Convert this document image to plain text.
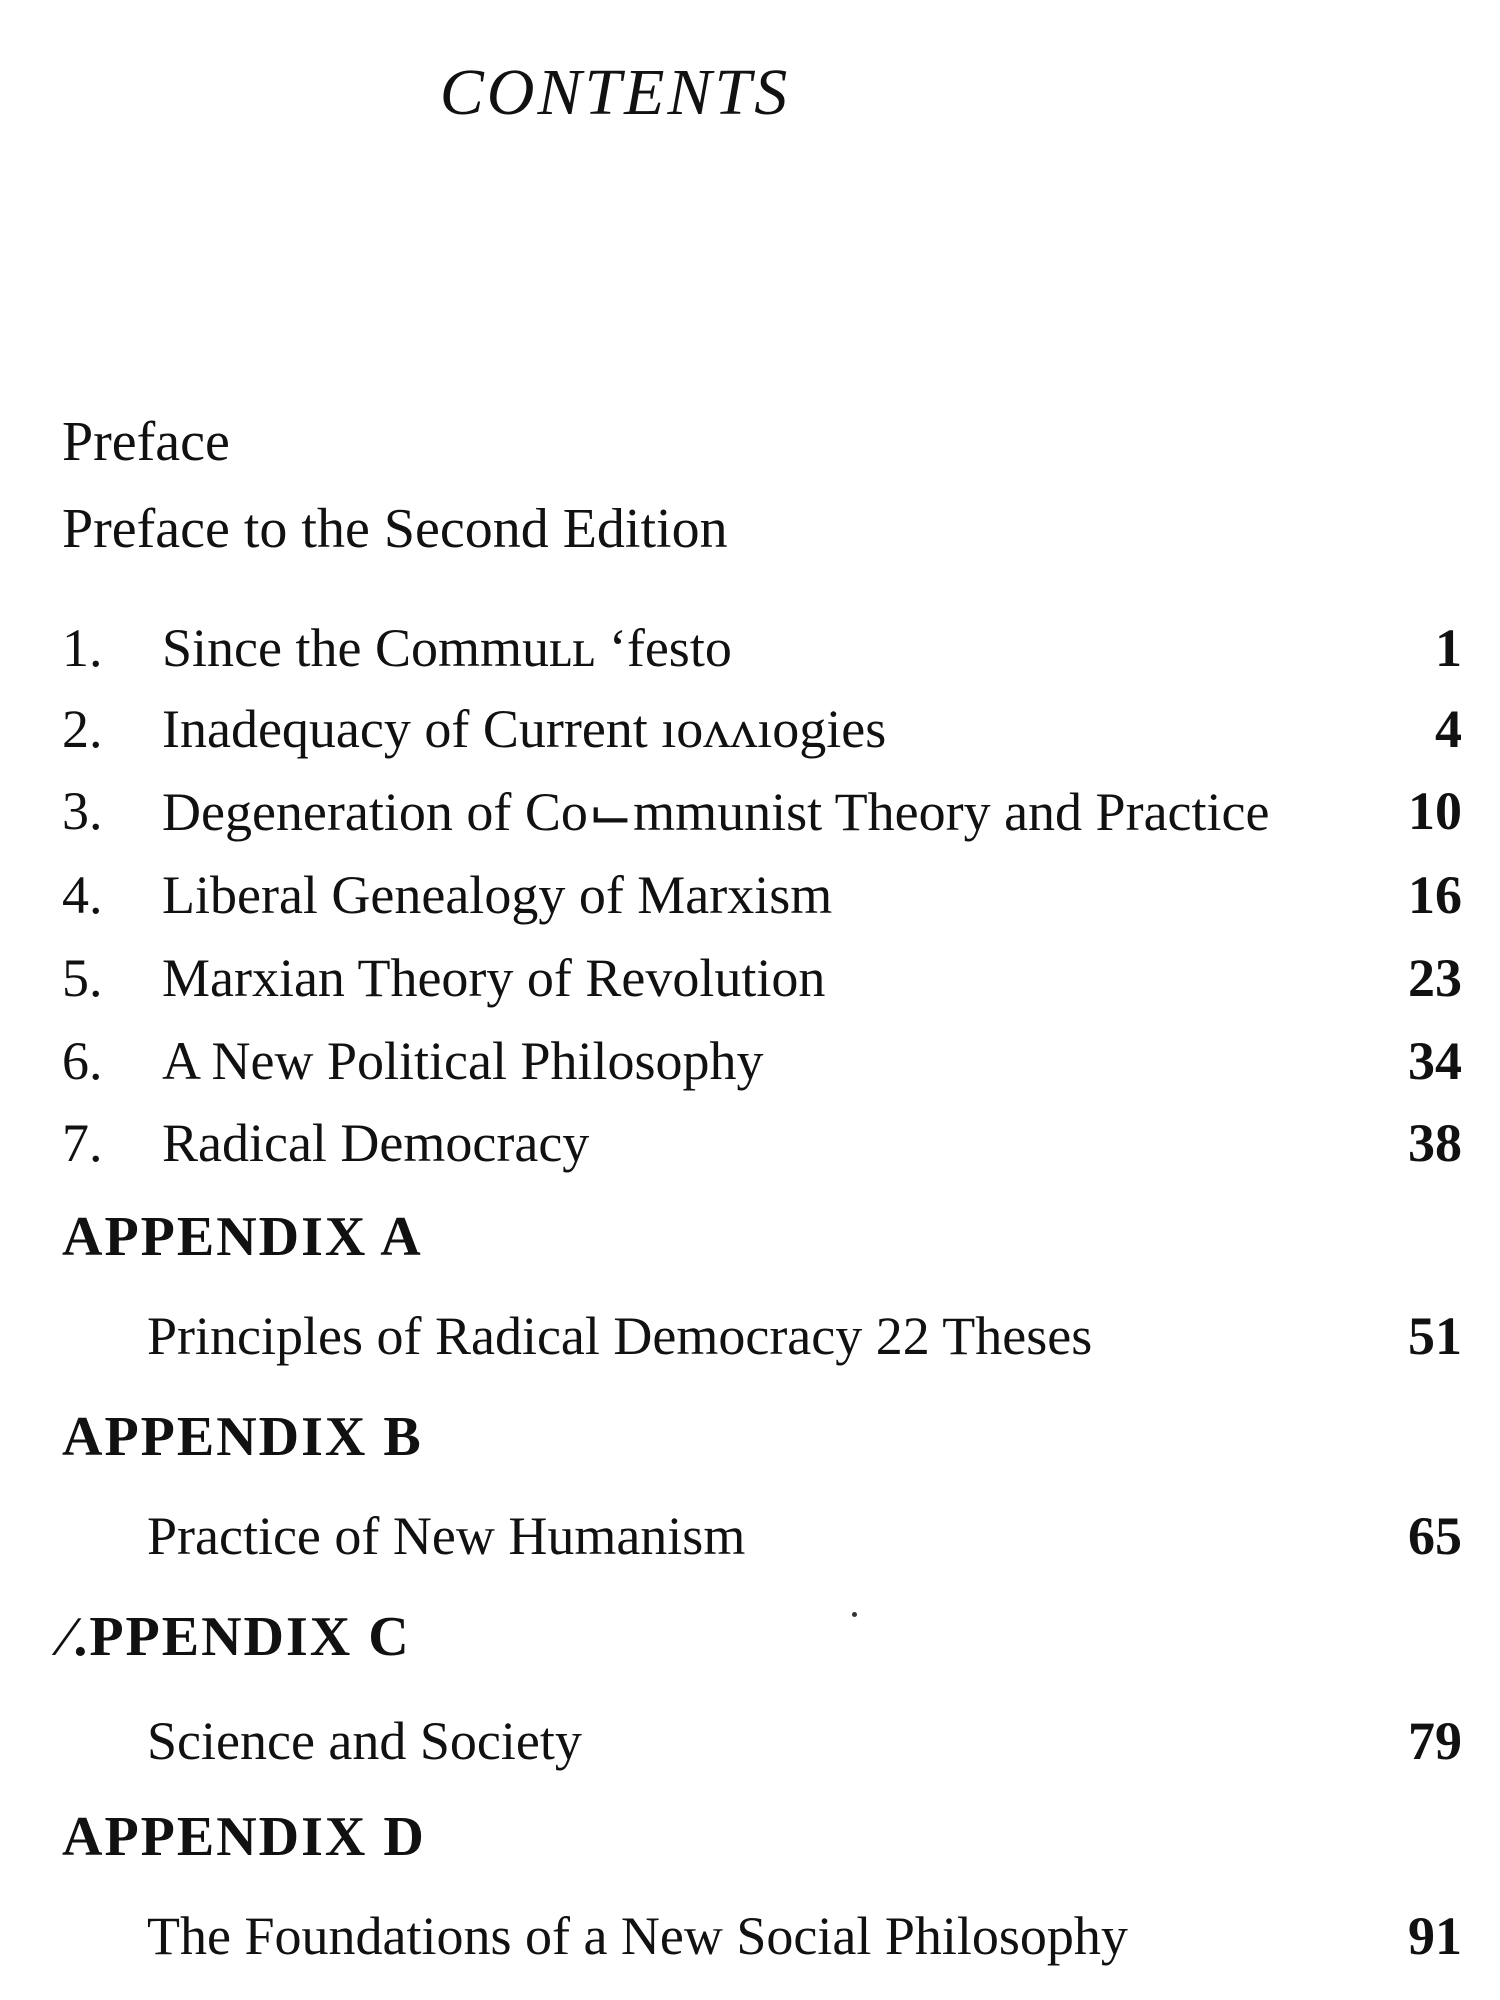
CONTENTS
Preface
Preface to the Second Edition
1. Since the Commuʟʟ ʻfesto	1
2. Inadequacy of Current ıoʌʌıogies	4
3. Degeneration of Co⌙mmunist Theory and Practice	10
4. Liberal Genealogy of Marxism	16
5. Marxian Theory of Revolution	23
6. A New Political Philosophy	34
7. Radical Democracy	38
APPENDIX A
Principles of Radical Democracy 22 Theses	51
APPENDIX B
Practice of New Humanism	65
⁄.PPENDIX C
Science and Society	79
APPENDIX D
The Foundations of a New Social Philosophy	91
